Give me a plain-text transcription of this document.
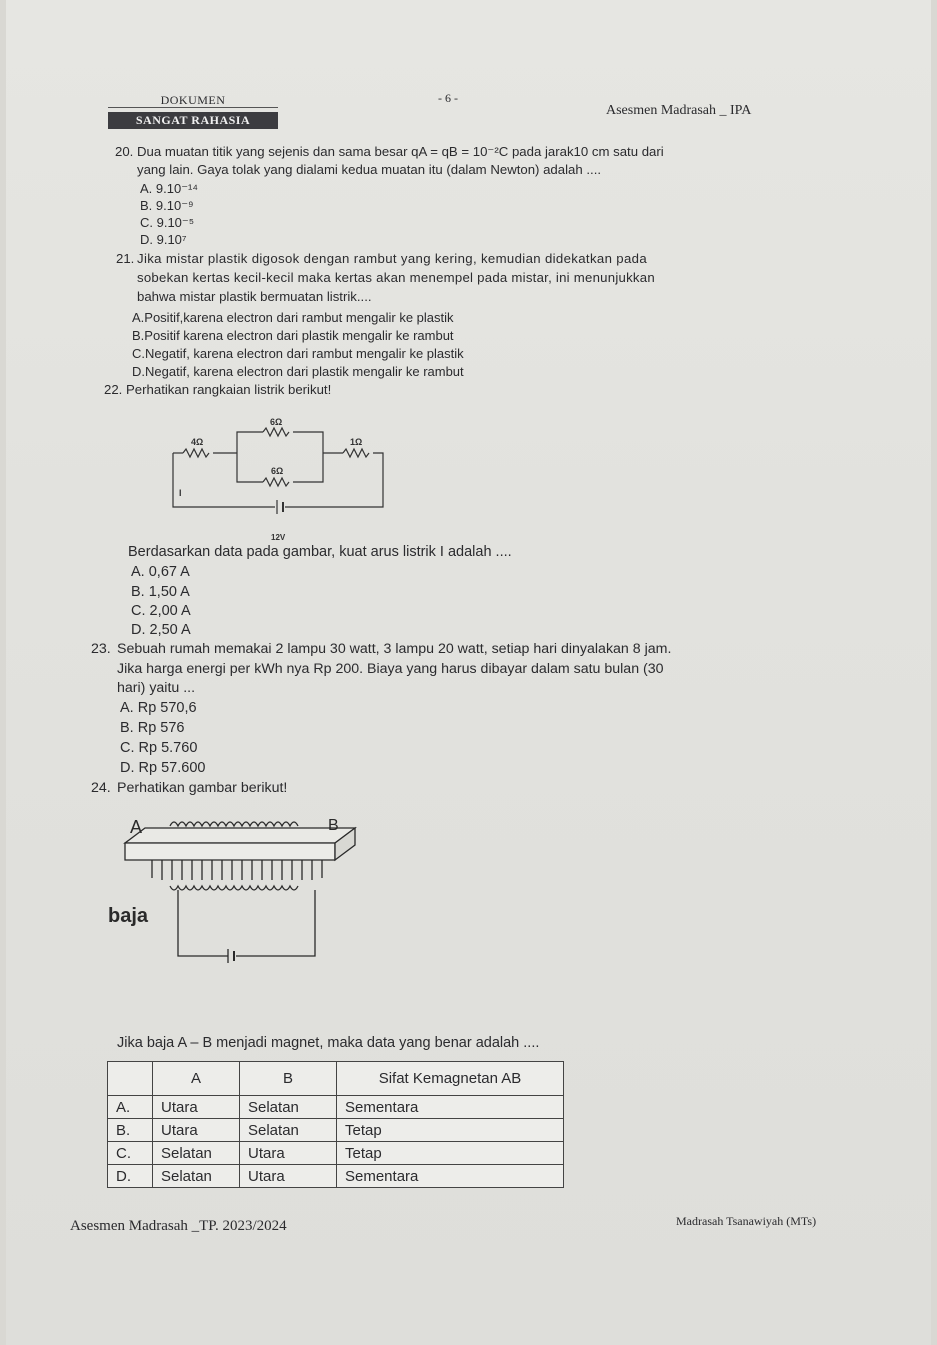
DOKUMEN
SANGAT RAHASIA
- 6 -
Asesmen Madrasah _ IPA
20. Dua muatan titik yang sejenis dan sama besar qA = qB = 10⁻²C pada jarak10 cm satu dari
yang lain. Gaya tolak yang dialami kedua muatan itu (dalam Newton) adalah ....
A. 9.10⁻¹⁴
B. 9.10⁻⁹
C. 9.10⁻⁵
D. 9.10⁷
21. Jika mistar plastik digosok dengan rambut yang kering, kemudian didekatkan pada
sobekan kertas kecil-kecil maka kertas akan menempel pada mistar, ini menunjukkan
bahwa mistar plastik bermuatan listrik....
A.Positif,karena electron dari rambut mengalir ke plastik
B.Positif karena electron dari plastik mengalir ke rambut
C.Negatif, karena electron dari rambut mengalir ke plastik
D.Negatif, karena electron dari plastik mengalir ke rambut
22. Perhatikan rangkaian listrik berikut!
6Ω
4Ω	1Ω
6Ω
I
12V
Berdasarkan data pada gambar, kuat arus listrik I adalah ....
A. 0,67 A
B. 1,50 A
C. 2,00 A
D. 2,50 A
23. Sebuah rumah memakai 2 lampu 30 watt, 3 lampu 20 watt, setiap hari dinyalakan 8 jam.
Jika harga energi per kWh nya Rp 200. Biaya yang harus dibayar dalam satu bulan (30
hari) yaitu ...
A. Rp 570,6
B. Rp 576
C. Rp 5.760
D. Rp 57.600
24. Perhatikan gambar berikut!
A	B
baja
Jika baja A – B menjadi magnet, maka data yang benar adalah ....
	A	B	Sifat Kemagnetan AB
A.	Utara	Selatan	Sementara
B.	Utara	Selatan	Tetap
C.	Selatan	Utara	Tetap
D.	Selatan	Utara	Sementara
Asesmen Madrasah _TP. 2023/2024	Madrasah Tsanawiyah (MTs)
